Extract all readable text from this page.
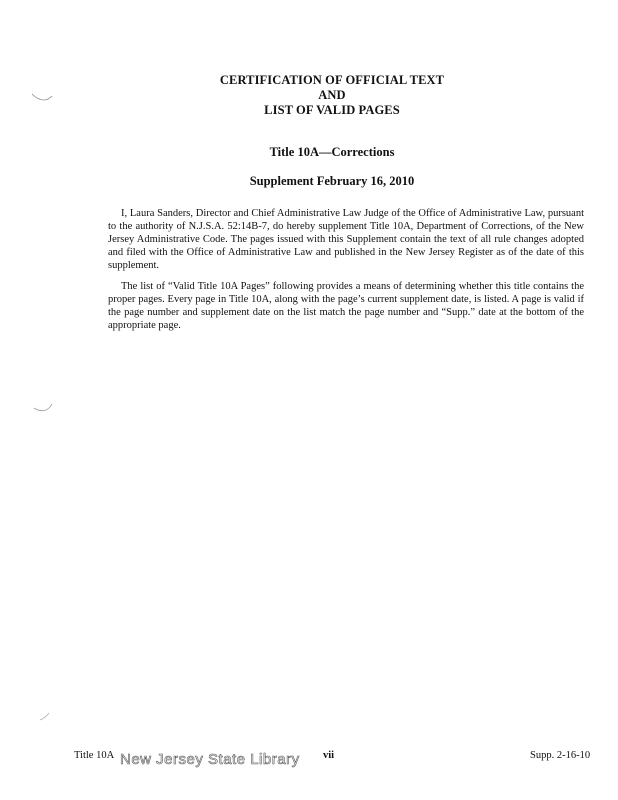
CERTIFICATION OF OFFICIAL TEXT
AND
LIST OF VALID PAGES
Title 10A—Corrections
Supplement February 16, 2010

I, Laura Sanders, Director and Chief Administrative Law Judge of the Office of Administrative Law, pursuant to the authority of N.J.S.A. 52:14B-7, do hereby supplement Title 10A, Department of Corrections, of the New Jersey Administrative Code. The pages issued with this Supplement contain the text of all rule changes adopted and filed with the Office of Administrative Law and published in the New Jersey Register as of the date of this supplement.

The list of “Valid Title 10A Pages” following provides a means of determining whether this title contains the proper pages. Every page in Title 10A, along with the page’s current supplement date, is listed. A page is valid if the page number and supplement date on the list match the page number and “Supp.” date at the bottom of the appropriate page.

Title 10A New Jersey State Library vii	Supp. 2-16-10
